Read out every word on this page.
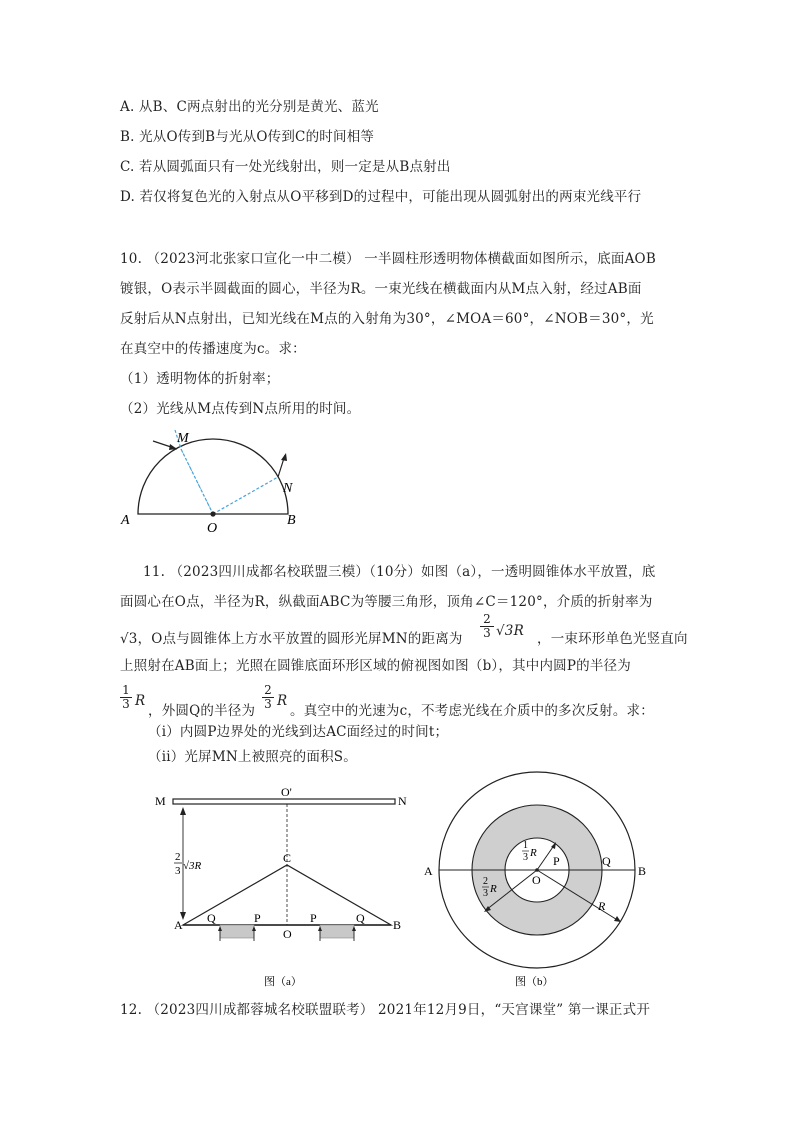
A. 从B、C两点射出的光分别是黄光、蓝光
B. 光从O传到B与光从O传到C的时间相等
C. 若从圆弧面只有一处光线射出，则一定是从B点射出
D. 若仅将复色光的入射点从O平移到D的过程中，可能出现从圆弧射出的两束光线平行
10. （2023河北张家口宣化一中二模） 一半圆柱形透明物体横截面如图所示，底面AOB
镀银，O表示半圆截面的圆心，半径为R。一束光线在横截面内从M点入射，经过AB面
反射后从N点射出，已知光线在M点的入射角为30°，∠MOA＝60°，∠NOB＝30°，光
在真空中的传播速度为c。求：
（1）透明物体的折射率；
（2）光线从M点传到N点所用的时间。
M
N
A
O
B
11. （2023四川成都名校联盟三模）（10分）如图（a），一透明圆锥体水平放置，底
面圆心在O点，半径为R，纵截面ABC为等腰三角形，顶角∠C＝120°，介质的折射率为
√3，O点与圆锥体上方水平放置的圆形光屏MN的距离为 $\frac{2}{3} √3R$ ，一束环形单色光竖直向
上照射在AB面上；光照在圆锥底面环形区域的俯视图如图（b），其中内圆P的半径为
$\frac{1}{3}$ R
，外圆Q的半径为 $\frac{2}{3}$ R
。真空中的光速为c，不考虑光线在介质中的多次反射。求：
（i）内圆P边界处的光线到达AC面经过的时间t；
（ii）光屏MN上被照亮的面积S。
M	N
O'
2
3 √3R
C
A	B
O
Q	P	P	Q
图（a）
A	B
O
P	Q
R
1
3 R
2
3 R
图（b）
12. （2023四川成都蓉城名校联盟联考） 2021年12月9日，“天宫课堂” 第一课正式开
